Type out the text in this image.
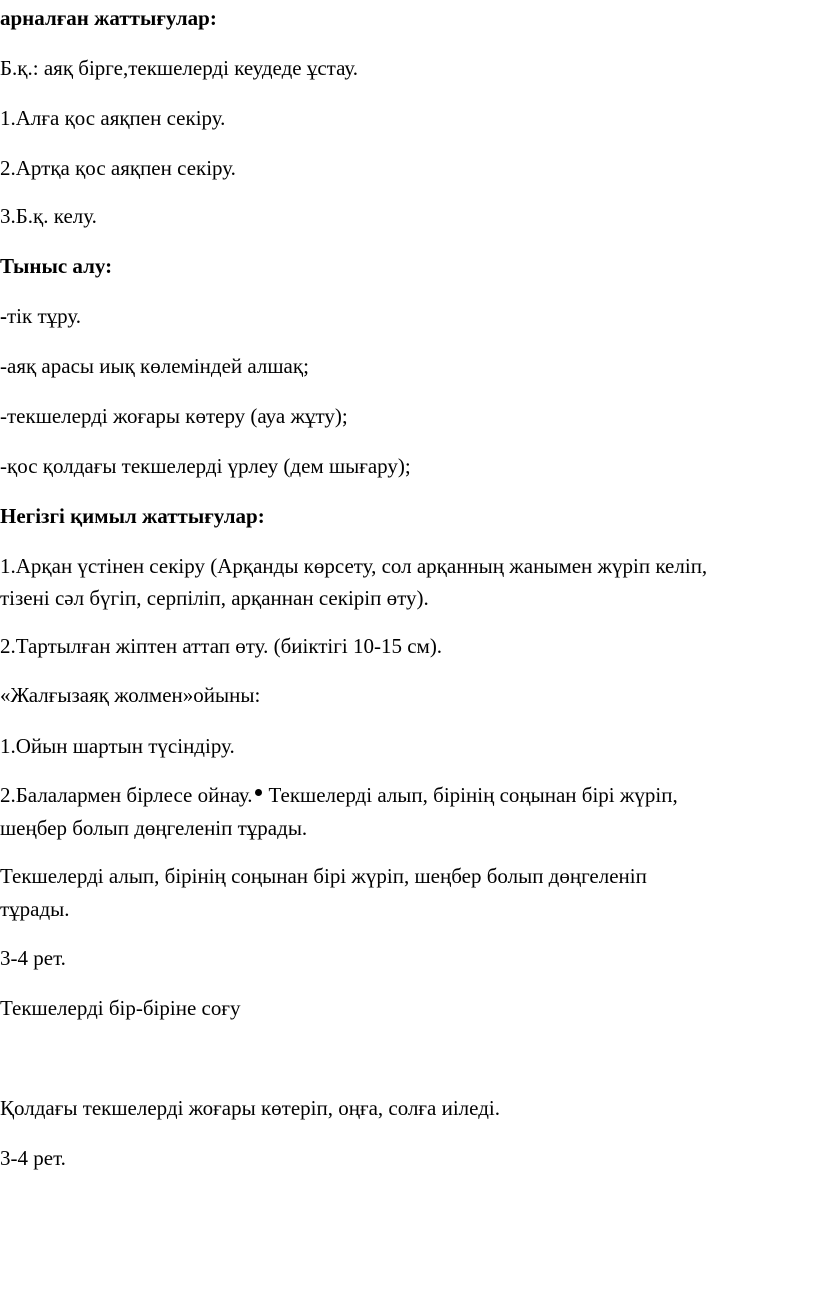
арналған жаттығулар:

Б.қ.: аяқ бірге,текшелерді кеудеде ұстау.

1.Алға қос аяқпен секіру.

2.Артқа қос аяқпен секіру.

3.Б.қ. келу.

Тыныс алу:

-тік тұру.

-аяқ арасы иық көлеміндей алшақ;

-текшелерді жоғары көтеру (ауа жұту);

-қос қолдағы текшелерді үрлеу (дем шығару);

Негізгі қимыл жаттығулар:

1.Арқан үстінен секіру (Арқанды көрсету, сол арқанның жанымен жүріп келіп,

тізені сәл бүгіп, серпіліп, арқаннан секіріп өту).

2.Тартылған жіптен аттап өту. (биіктігі 10-15 см).

«Жалғызаяқ жолмен»ойыны:

1.Ойын шартын түсіндіру.

2.Балалармен бірлесе ойнау. Текшелерді алып, бірінің соңынан бірі жүріп,

шеңбер болып дөңгеленіп тұрады.

Текшелерді алып, бірінің соңынан бірі жүріп, шеңбер болып дөңгеленіп

тұрады.

3-4 рет.

Текшелерді бір-біріне соғу

Қолдағы текшелерді жоғары көтеріп, оңға, солға иіледі.

3-4 рет.
